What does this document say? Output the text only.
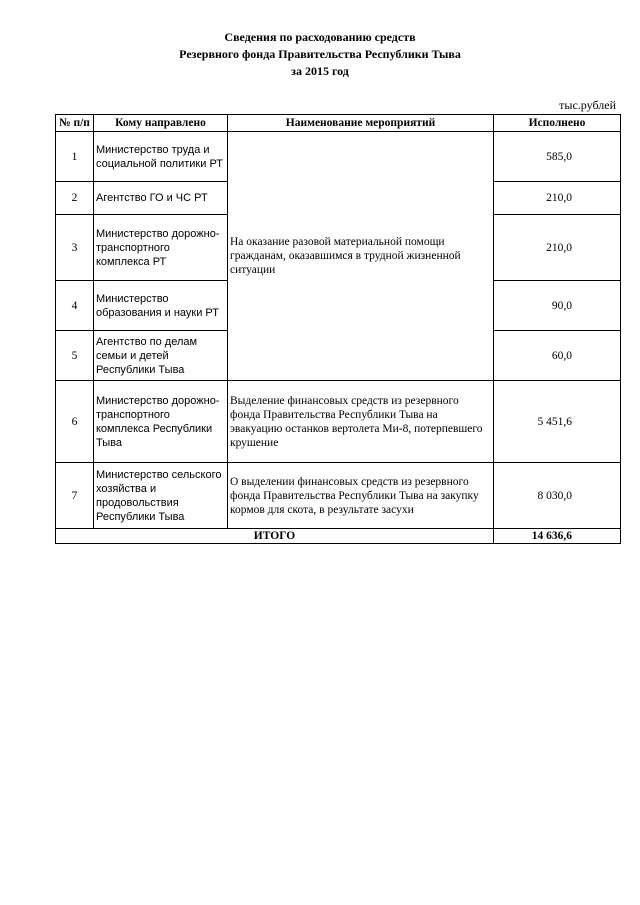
Сведения по расходованию средств
Резервного фонда Правительства Республики Тыва
за 2015 год
тыс.рублей
№ п/п	Кому направлено	Наименование мероприятий	Исполнено
1	Министерство труда и социальной политики РТ	На оказание разовой материальной помощи гражданам, оказавшимся в трудной жизненной ситуации	585,0
2	Агентство ГО и ЧС РТ		210,0
3	Министерство дорожно-транспортного комплекса РТ		210,0
4	Министерство образования и науки РТ		90,0
5	Агентство по делам семьи и детей Республики Тыва		60,0
6	Министерство дорожно-транспортного комплекса Республики Тыва	Выделение финансовых средств из резервного фонда Правительства Республики Тыва на эвакуацию останков вертолета Ми-8, потерпевшего крушение	5 451,6
7	Министерство сельского хозяйства и продовольствия Республики Тыва	О выделении финансовых средств из резервного фонда Правительства Республики Тыва на закупку кормов для скота, в результате засухи	8 030,0
ИТОГО			14 636,6
